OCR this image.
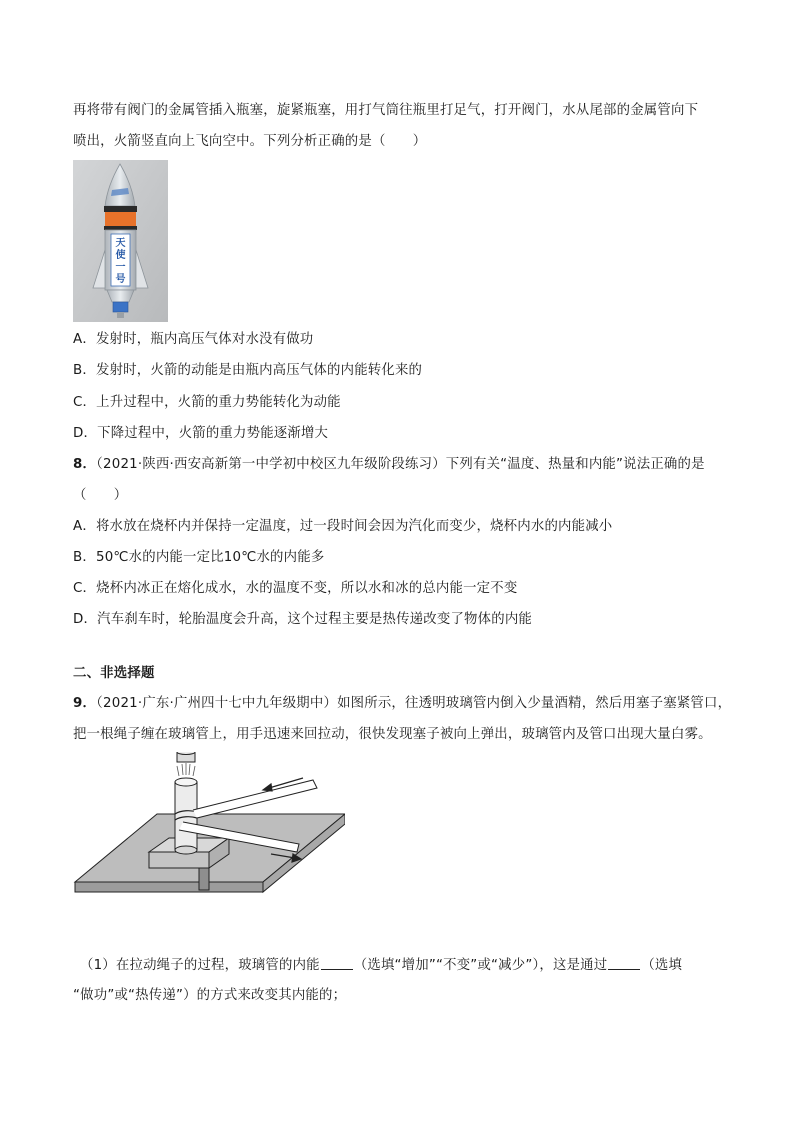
再将带有阀门的金属管插入瓶塞，旋紧瓶塞，用打气筒往瓶里打足气，打开阀门，水从尾部的金属管向下
喷出，火箭竖直向上飞向空中。下列分析正确的是（　　）
天
使
一
号
A．发射时，瓶内高压气体对水没有做功
B．发射时，火箭的动能是由瓶内高压气体的内能转化来的
C．上升过程中，火箭的重力势能转化为动能
D．下降过程中，火箭的重力势能逐渐增大
8．（2021·陕西·西安高新第一中学初中校区九年级阶段练习）下列有关“温度、热量和内能”说法正确的是
（　　）
A．将水放在烧杯内并保持一定温度，过一段时间会因为汽化而变少，烧杯内水的内能减小
B．50℃水的内能一定比10℃水的内能多
C．烧杯内冰正在熔化成水，水的温度不变，所以水和冰的总内能一定不变
D．汽车刹车时，轮胎温度会升高，这个过程主要是热传递改变了物体的内能
二、非选择题
9．（2021·广东·广州四十七中九年级期中）如图所示，往透明玻璃管内倒入少量酒精，然后用塞子塞紧管口，
把一根绳子缠在玻璃管上，用手迅速来回拉动，很快发现塞子被向上弹出，玻璃管内及管口出现大量白雾。
（1）在拉动绳子的过程，玻璃管的内能	（选填“增加”“不变”或“减少”），这是通过	（选填
“做功”或“热传递”）的方式来改变其内能的；
